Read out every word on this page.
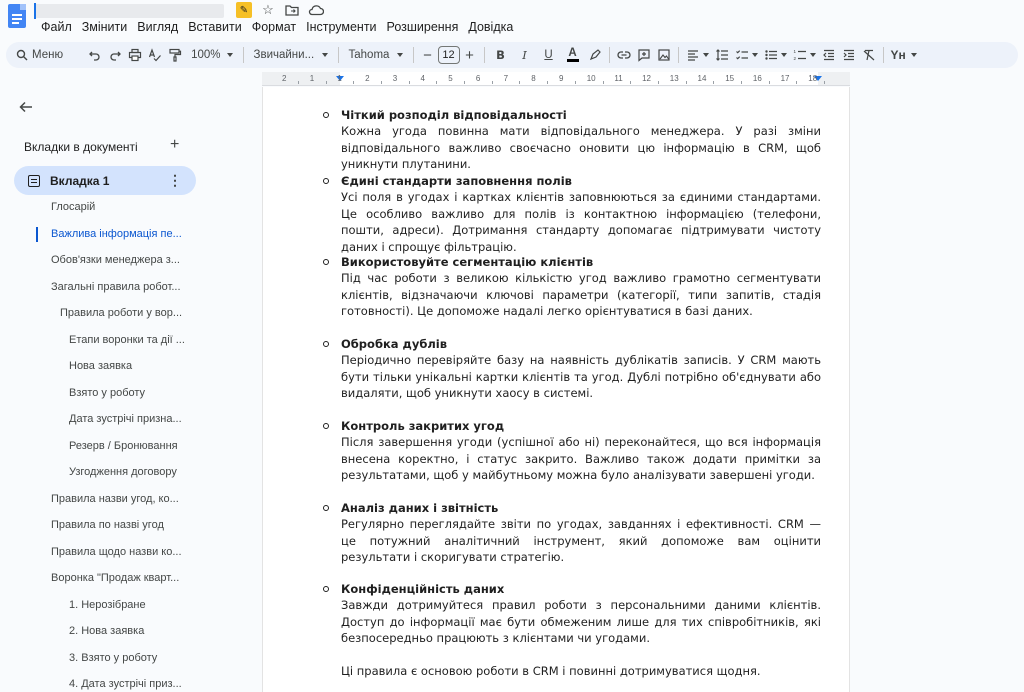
✎ ☆
Файл Змінити Вигляд Вставити Формат Інструменти Розширення Довідка
Меню	100%	Звичайни...	Tahoma	− 12 +	B	I	U	A	1
2	Yн
2	1	1	2	3	4	5	6	7	8	9	10 11 12 13 14 15 16 17 18
Вкладки в документі +
Вкладка 1	⋮
Глосарій
Важлива інформація пе...
Обов'язки менеджера з...
Загальні правила робот...
Правила роботи у вор...
Етапи воронки та дії ...
Нова заявка
Взято у роботу
Дата зустрічі призна...
Резерв / Бронювання
Узгодження договору
Правила назви угод, ко...
Правила по назві угод
Правила щодо назви ко...
Воронка "Продаж кварт...
1. Нерозібране
2. Нова заявка
3. Взято у роботу
4. Дата зустрічі приз...
Чіткий розподіл відповідальності

Кожна угода повинна мати відповідального менеджера. У разі зміни відповідального важливо своєчасно оновити цю інформацію в CRM, щоб уникнути плутанини.

Єдині стандарти заповнення полів

Усі поля в угодах і картках клієнтів заповнюються за єдиними стандартами. Це особливо важливо для полів із контактною інформацією (телефони, пошти, адреси). Дотримання стандарту допомагає підтримувати чистоту даних і спрощує фільтрацію.

Використовуйте сегментацію клієнтів

Під час роботи з великою кількістю угод важливо грамотно сегментувати клієнтів, відзначаючи ключові параметри (категорії, типи запитів, стадія готовності). Це допоможе надалі легко орієнтуватися в базі даних.

Обробка дублів

Періодично перевіряйте базу на наявність дублікатів записів. У CRM мають бути тільки унікальні картки клієнтів та угод. Дублі потрібно об'єднувати або видаляти, щоб уникнути хаосу в системі.

Контроль закритих угод

Після завершення угоди (успішної або ні) переконайтеся, що вся інформація внесена коректно, і статус закрито. Важливо також додати примітки за результатами, щоб у майбутньому можна було аналізувати завершені угоди.

Аналіз даних і звітність

Регулярно переглядайте звіти по угодах, завданнях і ефективності. CRM — це потужний аналітичний інструмент, який допоможе вам оцінити результати і скоригувати стратегію.

Конфіденційність даних

Завжди дотримуйтеся правил роботи з персональними даними клієнтів. Доступ до інформації має бути обмеженим лише для тих співробітників, які безпосередньо працюють з клієнтами чи угодами.

Ці правила є основою роботи в CRM і повинні дотримуватися щодня.
